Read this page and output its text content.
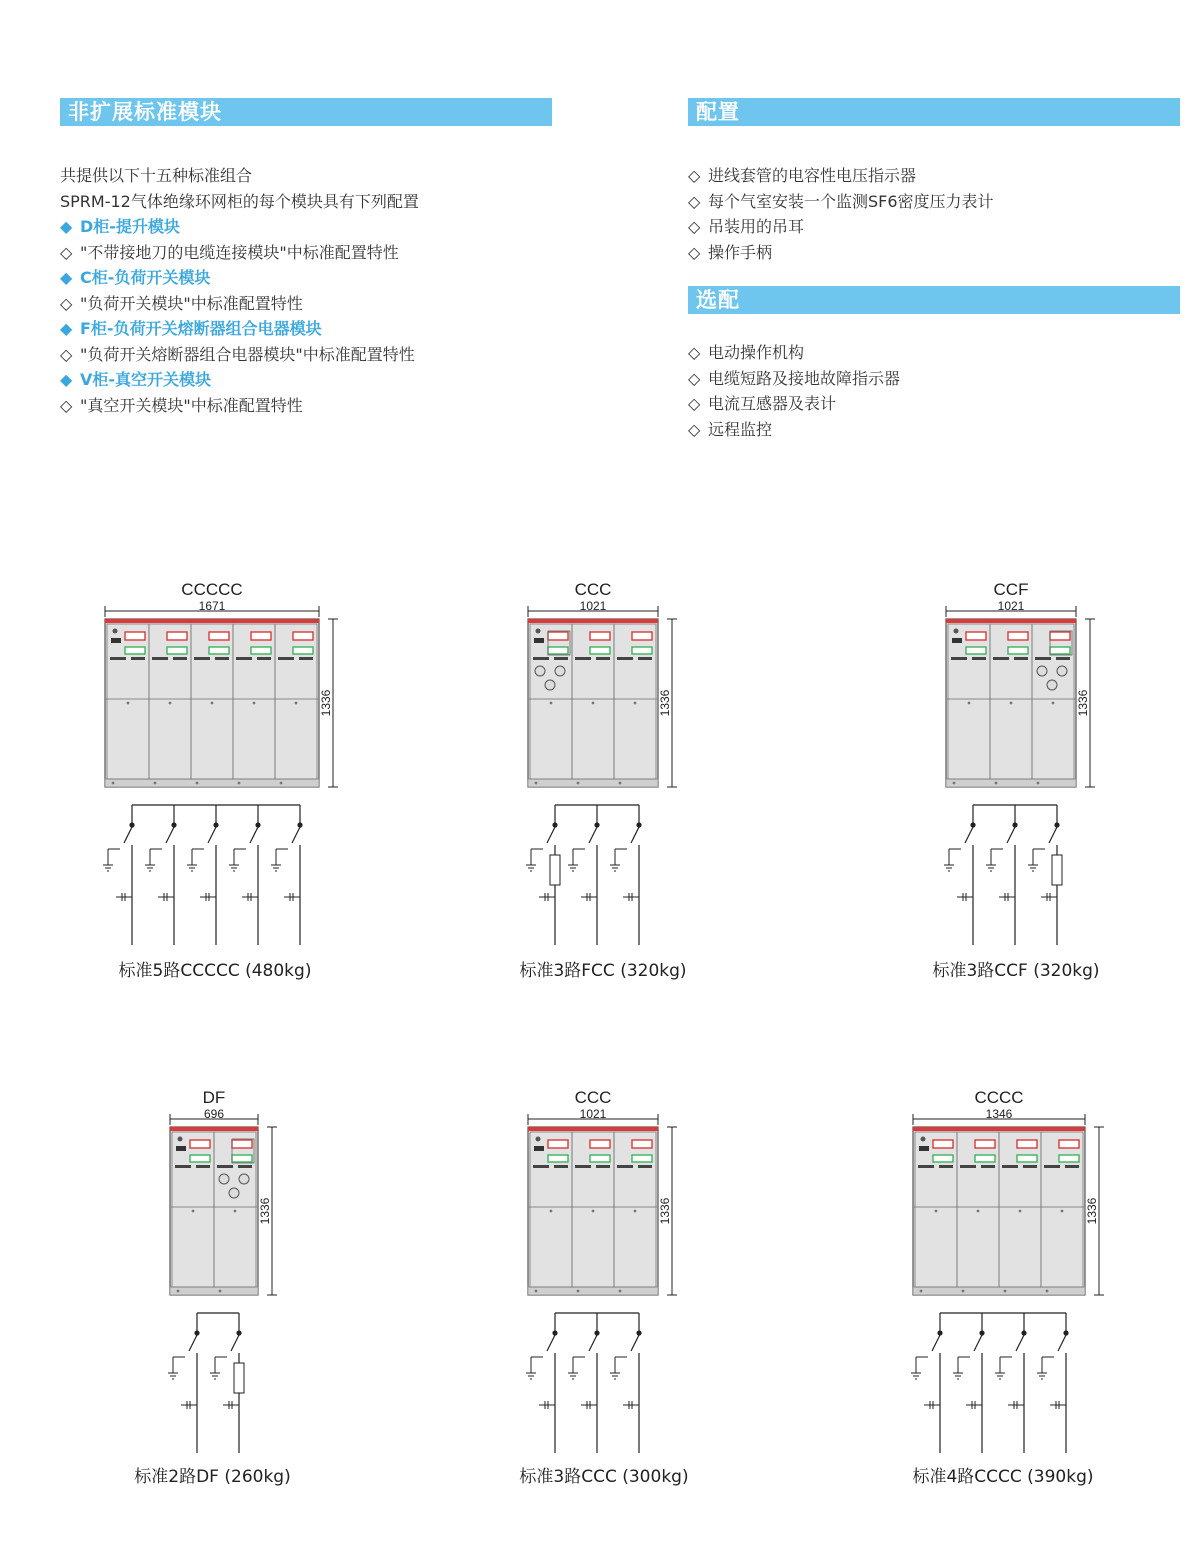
非扩展标准模块
共提供以下十五种标准组合
SPRM-12气体绝缘环网柜的每个模块具有下列配置
◆ D柜-提升模块
◇ "不带接地刀的电缆连接模块"中标准配置特性
◆ C柜-负荷开关模块
◇ "负荷开关模块"中标准配置特性
◆ F柜-负荷开关熔断器组合电器模块
◇ "负荷开关熔断器组合电器模块"中标准配置特性
◆ V柜-真空开关模块
◇ "真空开关模块"中标准配置特性
配置
◇ 进线套管的电容性电压指示器
◇ 每个气室安装一个监测SF6密度压力表计
◇ 吊装用的吊耳
◇ 操作手柄
选配
◇ 电动操作机构
◇ 电缆短路及接地故障指示器
◇ 电流互感器及表计
◇ 远程监控
CCCCC
1671
1336
标准5路CCCCC (480kg)
CCC
1021
1336
标准3路FCC (320kg)
CCF
1021
1336
标准3路CCF (320kg)
DF
696
1336
标准2路DF (260kg)
CCC
1021
1336
标准3路CCC (300kg)
CCCC
1346
1336
标准4路CCCC (390kg)
